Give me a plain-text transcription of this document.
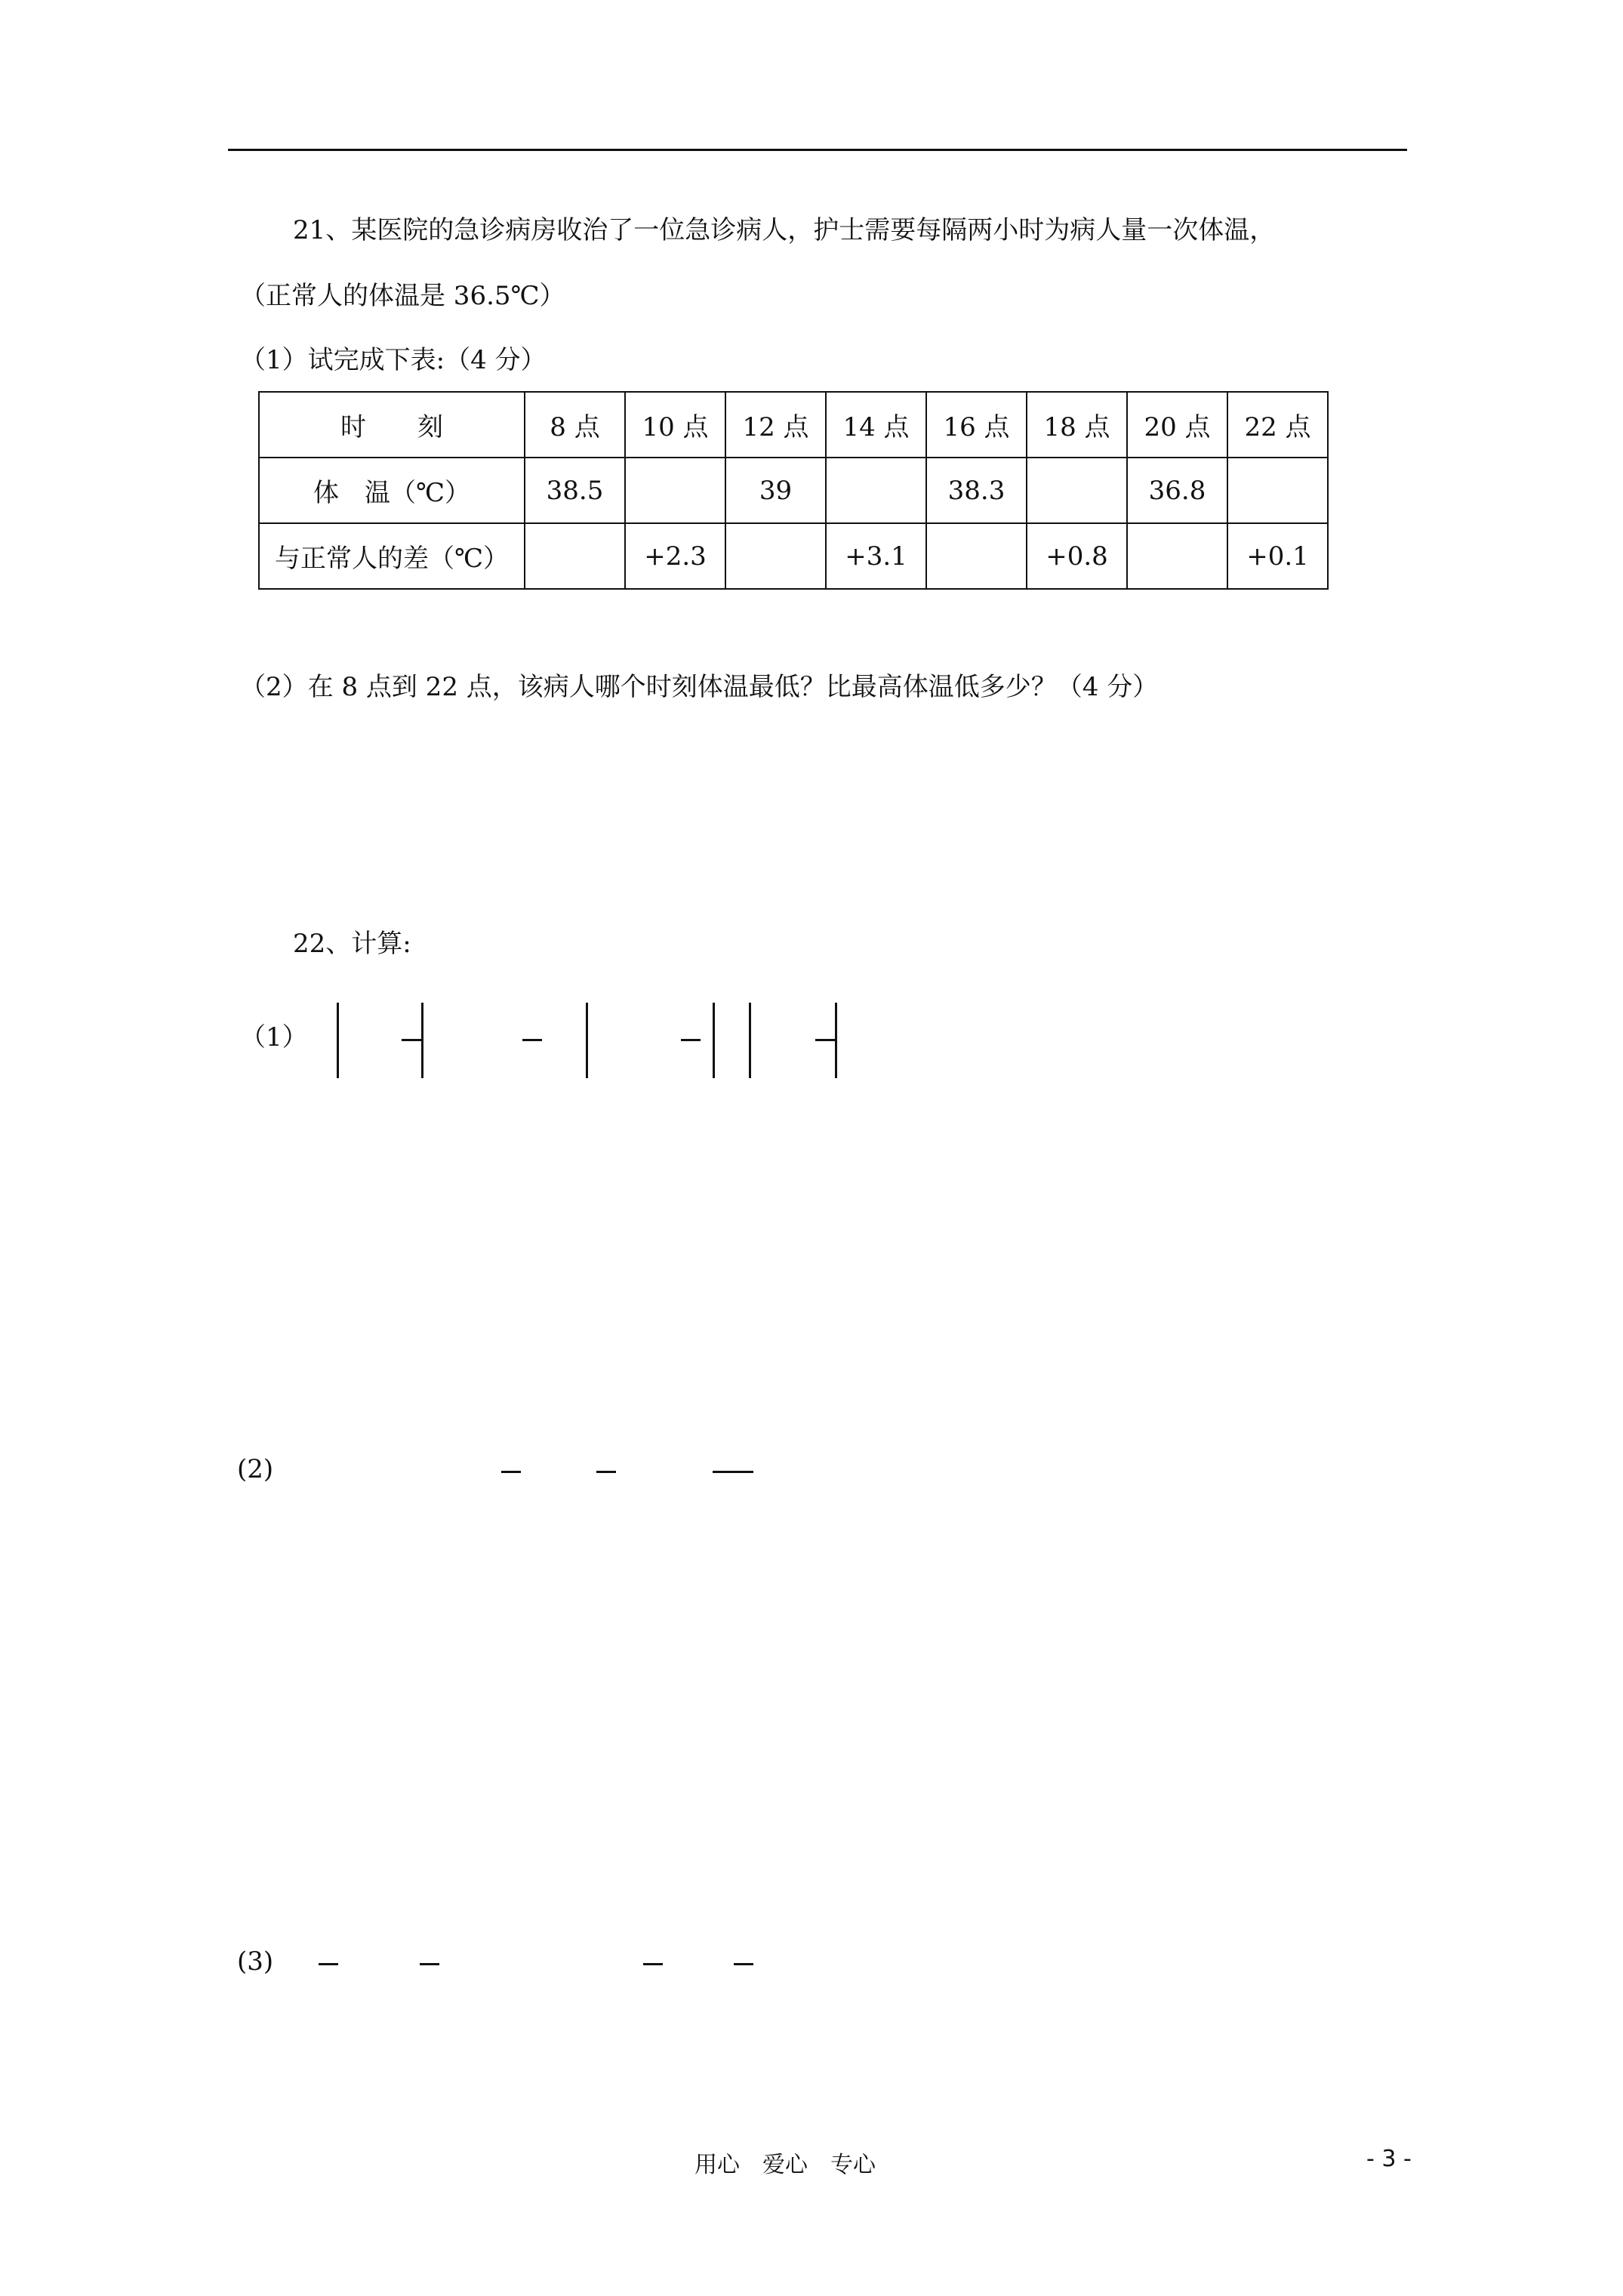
21、某医院的急诊病房收治了一位急诊病人，护士需要每隔两小时为病人量一次体温，
（正常人的体温是 36.5℃）
（1）试完成下表:（4 分）
时　　刻	8 点	10 点	12 点	14 点	16 点	18 点	20 点	22 点
体　温（℃）	38.5		39		38.3		36.8	
与正常人的差（℃）		+2.3		+3.1		+0.8		+0.1
（2）在 8 点到 22 点，该病人哪个时刻体温最低？比最高体温低多少？（4 分）
22、计算:
（1）
(2)
(3)
用心　爱心　专心	- 3 -
